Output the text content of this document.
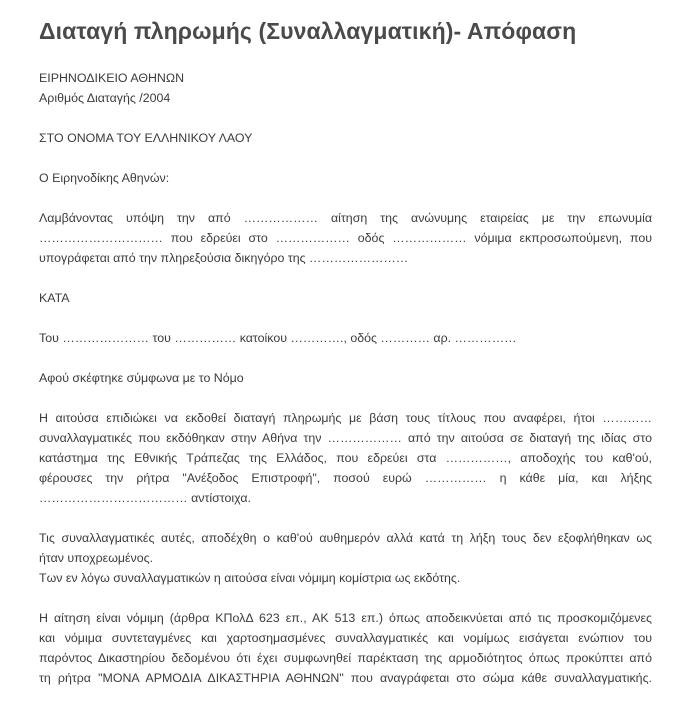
Διαταγή πληρωμής (Συναλλαγματική)- Απόφαση
ΕΙΡΗΝΟΔΙΚΕΙΟ ΑΘΗΝΩΝ
Αριθμός Διαταγής /2004
ΣΤΟ ΟΝΟΜΑ ΤΟΥ ΕΛΛΗΝΙΚΟΥ ΛΑΟΥ
Ο Ειρηνοδίκης Αθηνών:
Λαμβάνοντας υπόψη την από ……………… αίτηση της ανώνυμης εταιρείας με την επωνυμία
………………………… που εδρεύει στο ……………… οδός ……………… νόμιμα εκπροσωπούμενη, που
υπογράφεται από την πληρεξούσια δικηγόρο της ……………………
ΚΑΤΑ
Του ………………… του …………… κατοίκου …………., οδός ………… αρ. ……………
Αφού σκέφτηκε σύμφωνα με το Νόμο
Η αιτούσα επιδιώκει να εκδοθεί διαταγή πληρωμής με βάση τους τίτλους που αναφέρει, ήτοι …………
συναλλαγματικές που εκδόθηκαν στην Αθήνα την ……………… από την αιτούσα σε διαταγή της ιδίας στο
κατάστημα της Εθνικής Τράπεζας της Ελλάδος, που εδρεύει στα ……………, αποδοχής του καθ'ού,
φέρουσες την ρήτρα "Ανέξοδος Επιστροφή", ποσού ευρώ …………… η κάθε μία, και λήξης
……………………………… αντίστοιχα.
Τις συναλλαγματικές αυτές, αποδέχθη ο καθ'ού αυθημερόν αλλά κατά τη λήξη τους δεν εξοφλήθηκαν ως
ήταν υποχρεωμένος.
Των εν λόγω συναλλαγματικών η αιτούσα είναι νόμιμη κομίστρια ως εκδότης.
Η αίτηση είναι νόμιμη (άρθρα ΚΠολΔ 623 επ., ΑΚ 513 επ.) όπως αποδεικνύεται από τις προσκομιζόμενες
και νόμιμα συντεταγμένες και χαρτοσημασμένες συναλλαγματικές και νομίμως εισάγεται ενώπιον του
παρόντος Δικαστηρίου δεδομένου ότι έχει συμφωνηθεί παρέκταση της αρμοδιότητος όπως προκύπτει από
τη ρήτρα "ΜΟΝΑ ΑΡΜΟΔΙΑ ΔΙΚΑΣΤΗΡΙΑ ΑΘΗΝΩΝ" που αναγράφεται στο σώμα κάθε συναλλαγματικής.
